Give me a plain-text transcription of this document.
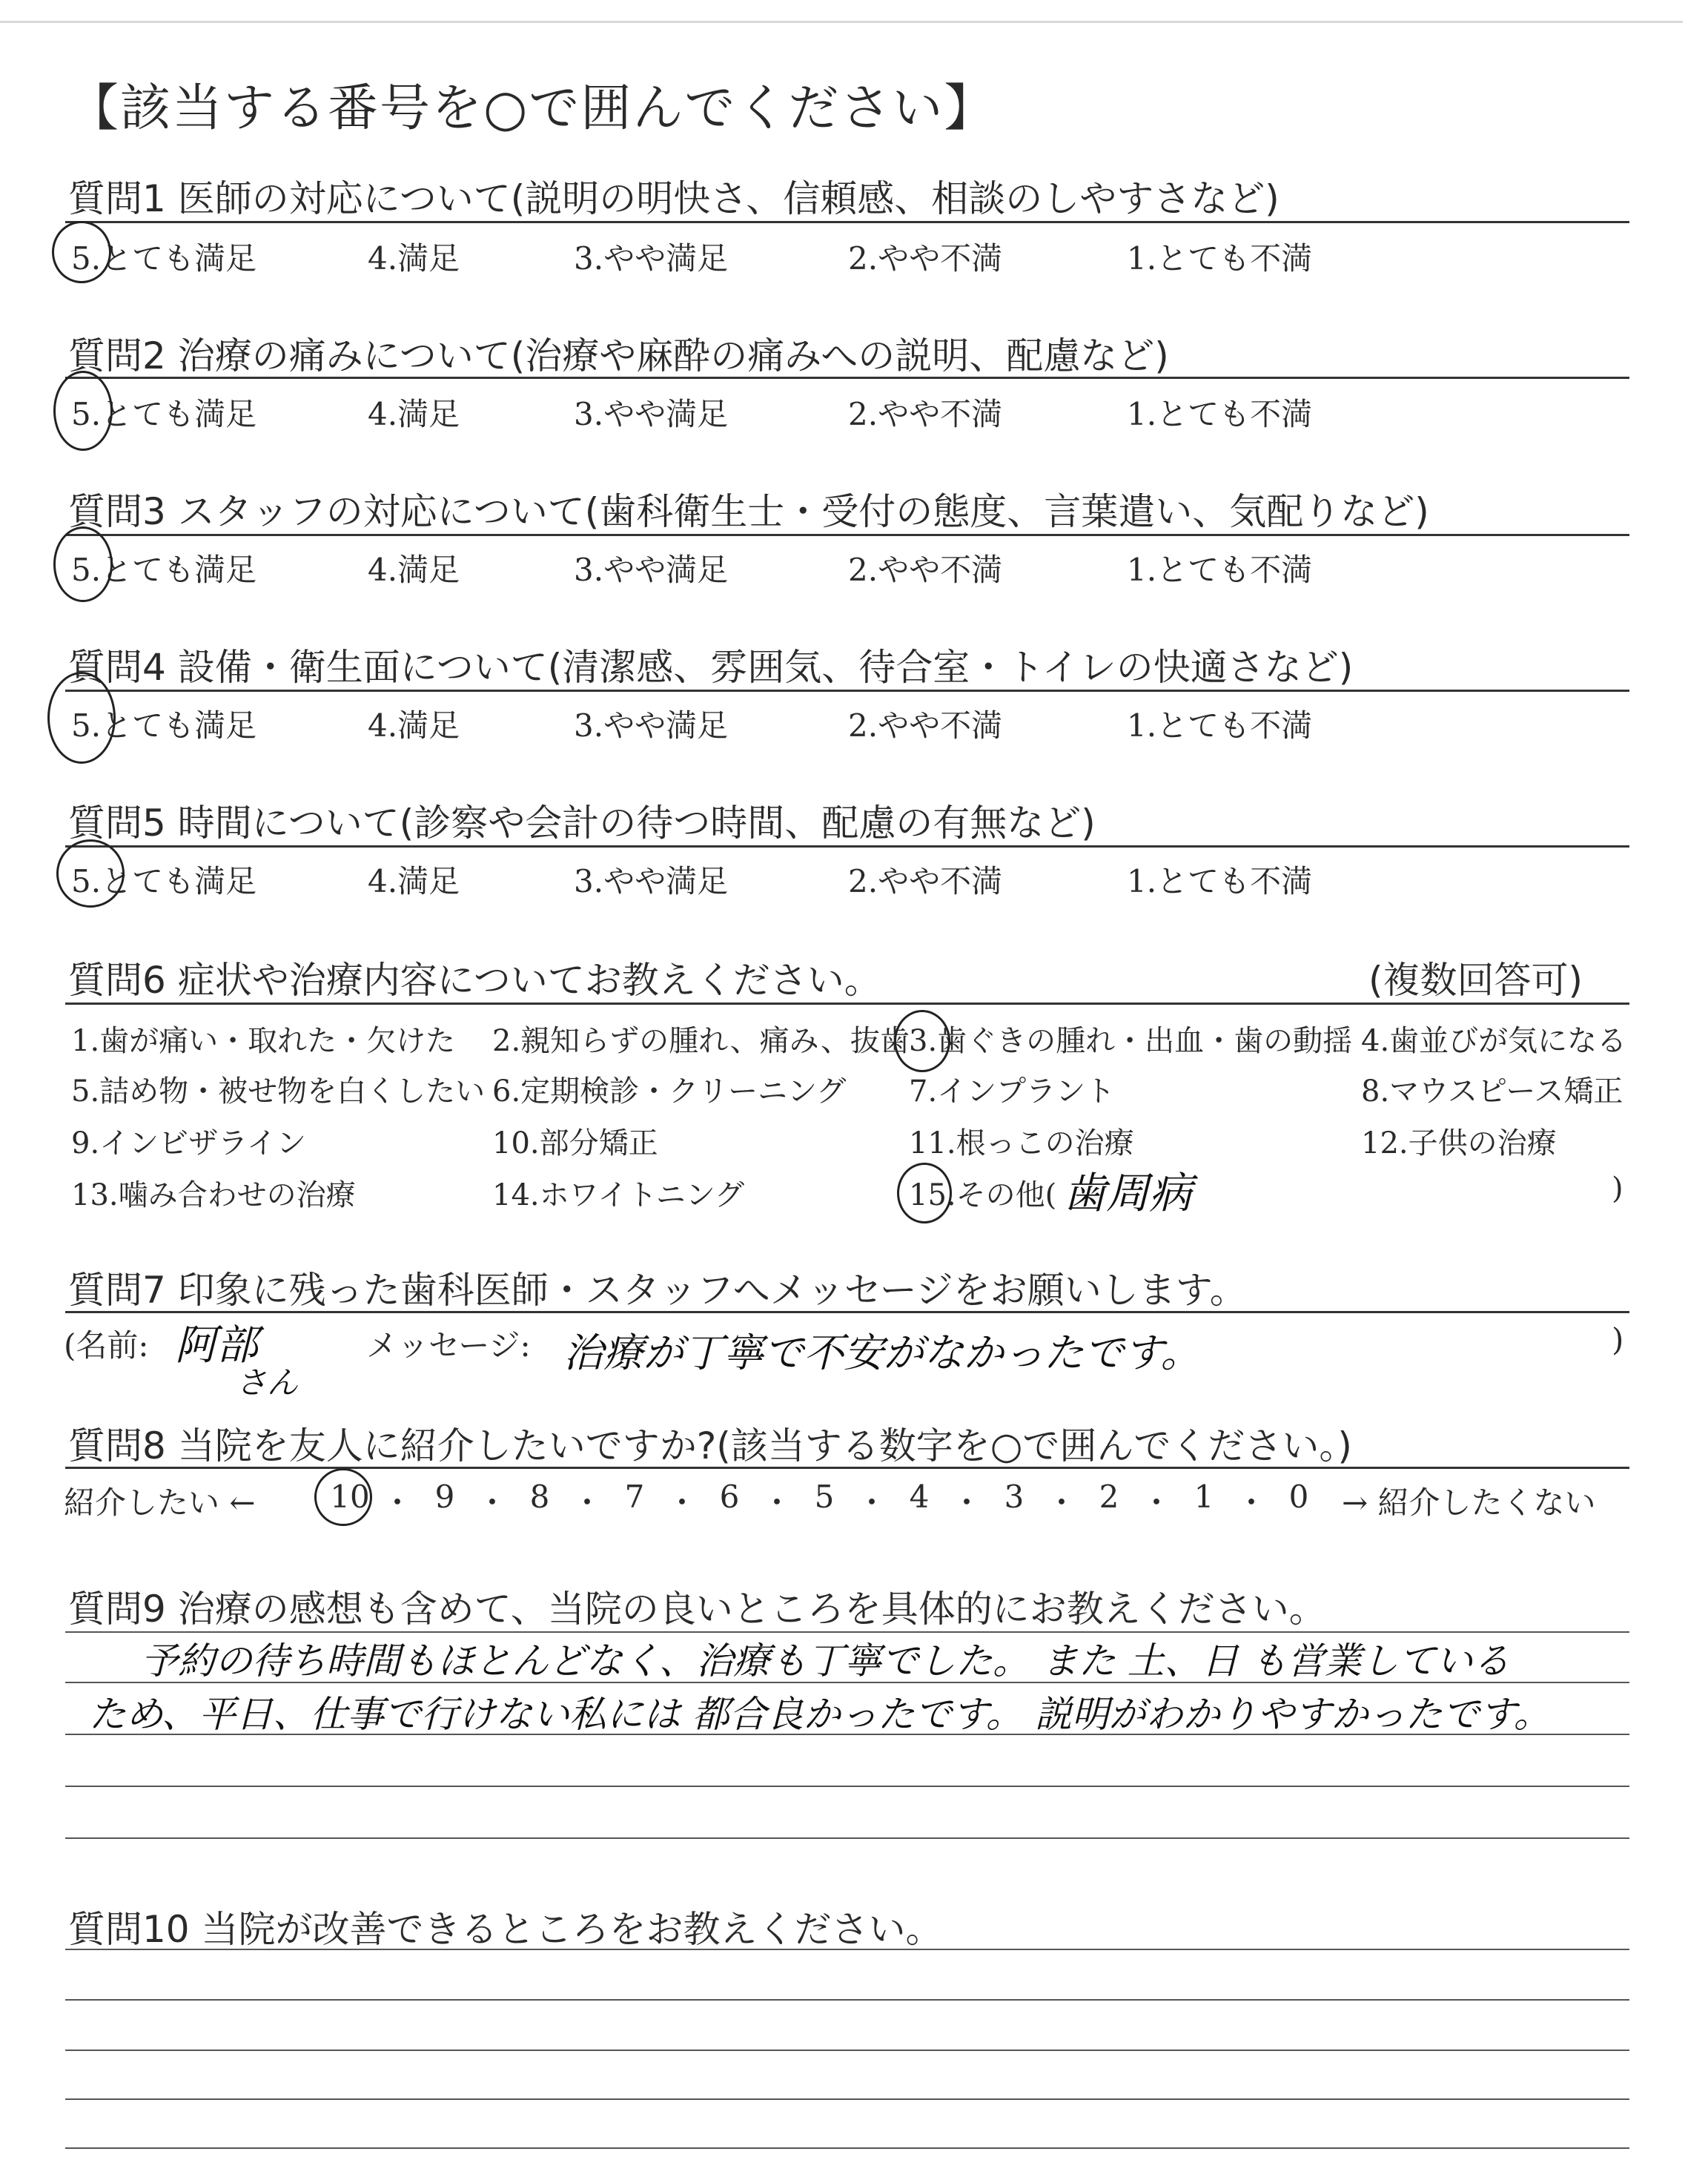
【該当する番号を○で囲んでください】
質問1 医師の対応について(説明の明快さ、信頼感、相談のしやすさなど)
5.とても満足	4.満足	3.やや満足	2.やや不満	1.とても不満
質問2 治療の痛みについて(治療や麻酔の痛みへの説明、配慮など)
5.とても満足	4.満足	3.やや満足	2.やや不満	1.とても不満
質問3 スタッフの対応について(歯科衛生士・受付の態度、言葉遣い、気配りなど)
5.とても満足	4.満足	3.やや満足	2.やや不満	1.とても不満
質問4 設備・衛生面について(清潔感、雰囲気、待合室・トイレの快適さなど)
5.とても満足	4.満足	3.やや満足	2.やや不満	1.とても不満
質問5 時間について(診察や会計の待つ時間、配慮の有無など)
5.とても満足	4.満足	3.やや満足	2.やや不満	1.とても不満
質問6 症状や治療内容についてお教えください。	(複数回答可)
1.歯が痛い・取れた・欠けた 2.親知らずの腫れ、痛み、抜歯 3.歯ぐきの腫れ・出血・歯の動揺 4.歯並びが気になる
5.詰め物・被せ物を白くしたい 6.定期検診・クリーニング 7.インプラント	8.マウスピース矯正
9.インビザライン	10.部分矯正	11.根っこの治療	12.子供の治療
13.噛み合わせの治療	14.ホワイトニング	15.その他( 歯周病	)
質問7 印象に残った歯科医師・スタッフへメッセージをお願いします。
(名前: 阿部
さん
メッセージ: 治療が丁寧で不安がなかったです。	)
質問8 当院を友人に紹介したいですか?(該当する数字を○で囲んでください。)
紹介したい ← 10 ・ 9 ・ 8 ・ 7 ・ 6 ・ 5 ・ 4 ・ 3 ・ 2 ・ 1 ・ 0	→ 紹介したくない
質問9 治療の感想も含めて、当院の良いところを具体的にお教えください。
予約の待ち時間もほとんどなく、治療も丁寧でした。 また 土、日 も営業している
ため、平日、仕事で行けない私には 都合良かったです。 説明がわかりやすかったです。
質問10 当院が改善できるところをお教えください。
